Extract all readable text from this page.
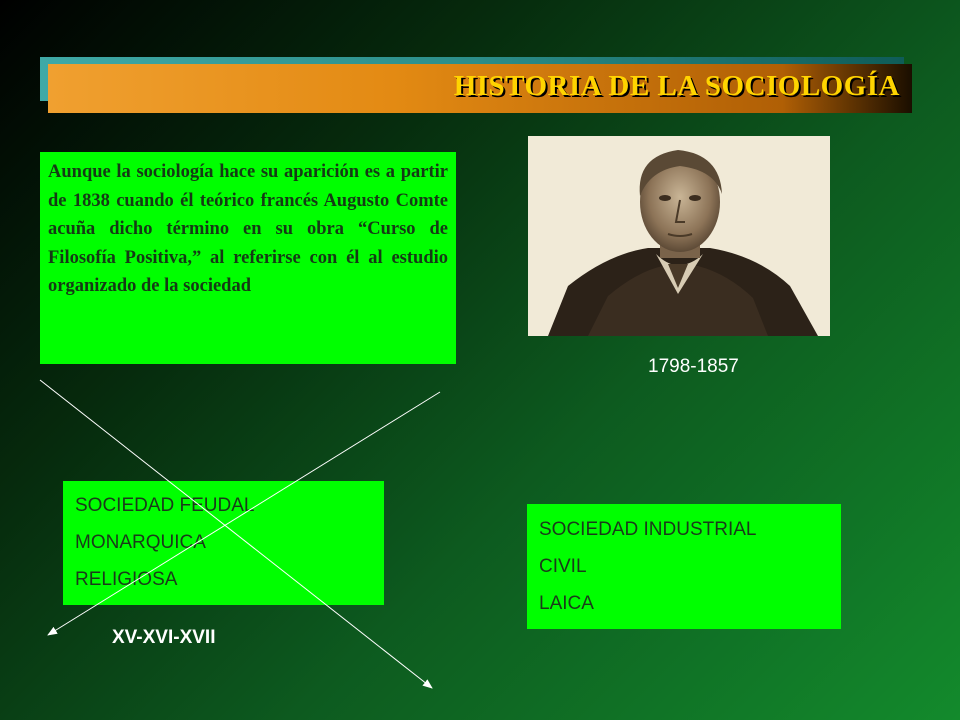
HISTORIA DE LA SOCIOLOGÍA

Aunque la sociología hace su aparición es a partir de 1838 cuando él teórico francés Augusto Comte acuña dicho término en su obra “Curso de Filosofía Positiva,” al referirse con él al estudio organizado de la sociedad

1798-1857
SOCIEDAD FEUDAL
MONARQUICA
RELIGIOSA
SOCIEDAD INDUSTRIAL
CIVIL
LAICA
XV-XVI-XVII
